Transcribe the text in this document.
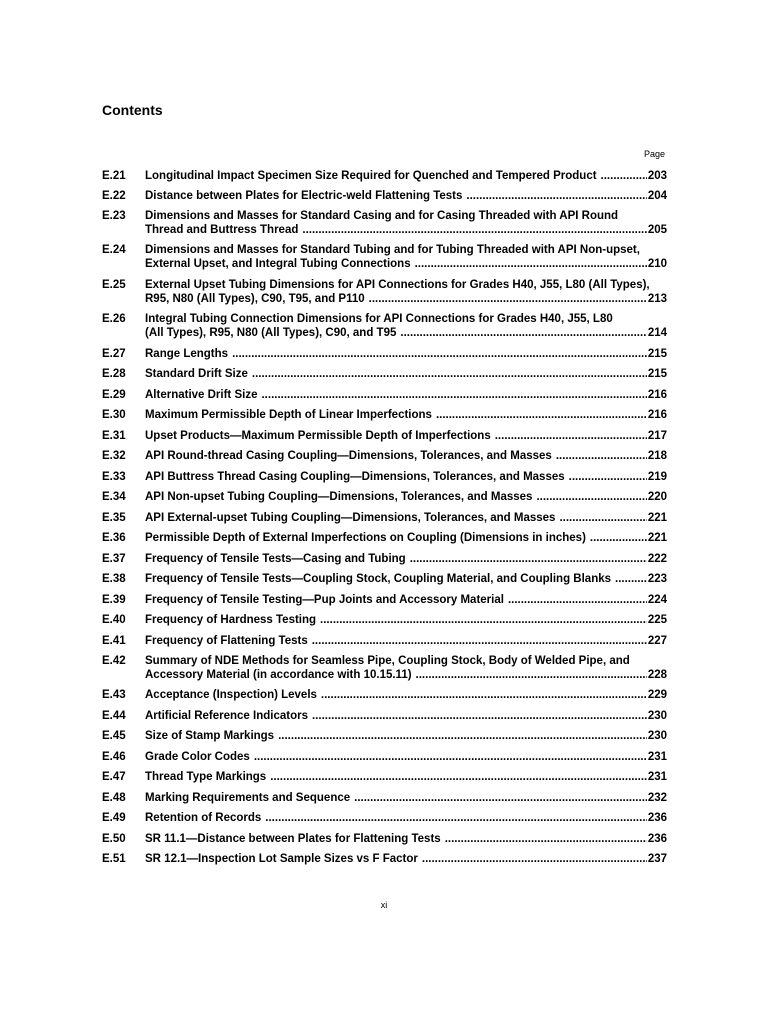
Contents
Page
E.21	Longitudinal Impact Specimen Size Required for Quenched and Tempered Product .....	203
E.22	Distance between Plates for Electric-weld Flattening Tests .....	204
E.23	Dimensions and Masses for Standard Casing and for Casing Threaded with API Round
Thread and Buttress Thread .....	205
E.24	Dimensions and Masses for Standard Tubing and for Tubing Threaded with API Non-upset,
External Upset, and Integral Tubing Connections .....	210
E.25	External Upset Tubing Dimensions for API Connections for Grades H40, J55, L80 (All Types),
R95, N80 (All Types), C90, T95, and P110 .....	213
E.26	Integral Tubing Connection Dimensions for API Connections for Grades H40, J55, L80
(All Types), R95, N80 (All Types), C90, and T95 .....	214
E.27	Range Lengths .....	215
E.28	Standard Drift Size .....	215
E.29	Alternative Drift Size .....	216
E.30	Maximum Permissible Depth of Linear Imperfections .....	216
E.31	Upset Products—Maximum Permissible Depth of Imperfections .....	217
E.32	API Round-thread Casing Coupling—Dimensions, Tolerances, and Masses .....	218
E.33	API Buttress Thread Casing Coupling—Dimensions, Tolerances, and Masses .....	219
E.34	API Non-upset Tubing Coupling—Dimensions, Tolerances, and Masses .....	220
E.35	API External-upset Tubing Coupling—Dimensions, Tolerances, and Masses .....	221
E.36	Permissible Depth of External Imperfections on Coupling (Dimensions in inches) .....	221
E.37	Frequency of Tensile Tests—Casing and Tubing .....	222
E.38	Frequency of Tensile Tests—Coupling Stock, Coupling Material, and Coupling Blanks .....	223
E.39	Frequency of Tensile Testing—Pup Joints and Accessory Material .....	224
E.40	Frequency of Hardness Testing .....	225
E.41	Frequency of Flattening Tests .....	227
E.42	Summary of NDE Methods for Seamless Pipe, Coupling Stock, Body of Welded Pipe, and
Accessory Material (in accordance with 10.15.11) .....	228
E.43	Acceptance (Inspection) Levels .....	229
E.44	Artificial Reference Indicators .....	230
E.45	Size of Stamp Markings .....	230
E.46	Grade Color Codes .....	231
E.47	Thread Type Markings .....	231
E.48	Marking Requirements and Sequence .....	232
E.49	Retention of Records .....	236
E.50	SR 11.1—Distance between Plates for Flattening Tests .....	236
E.51	SR 12.1—Inspection Lot Sample Sizes vs F Factor .....	237
xi
